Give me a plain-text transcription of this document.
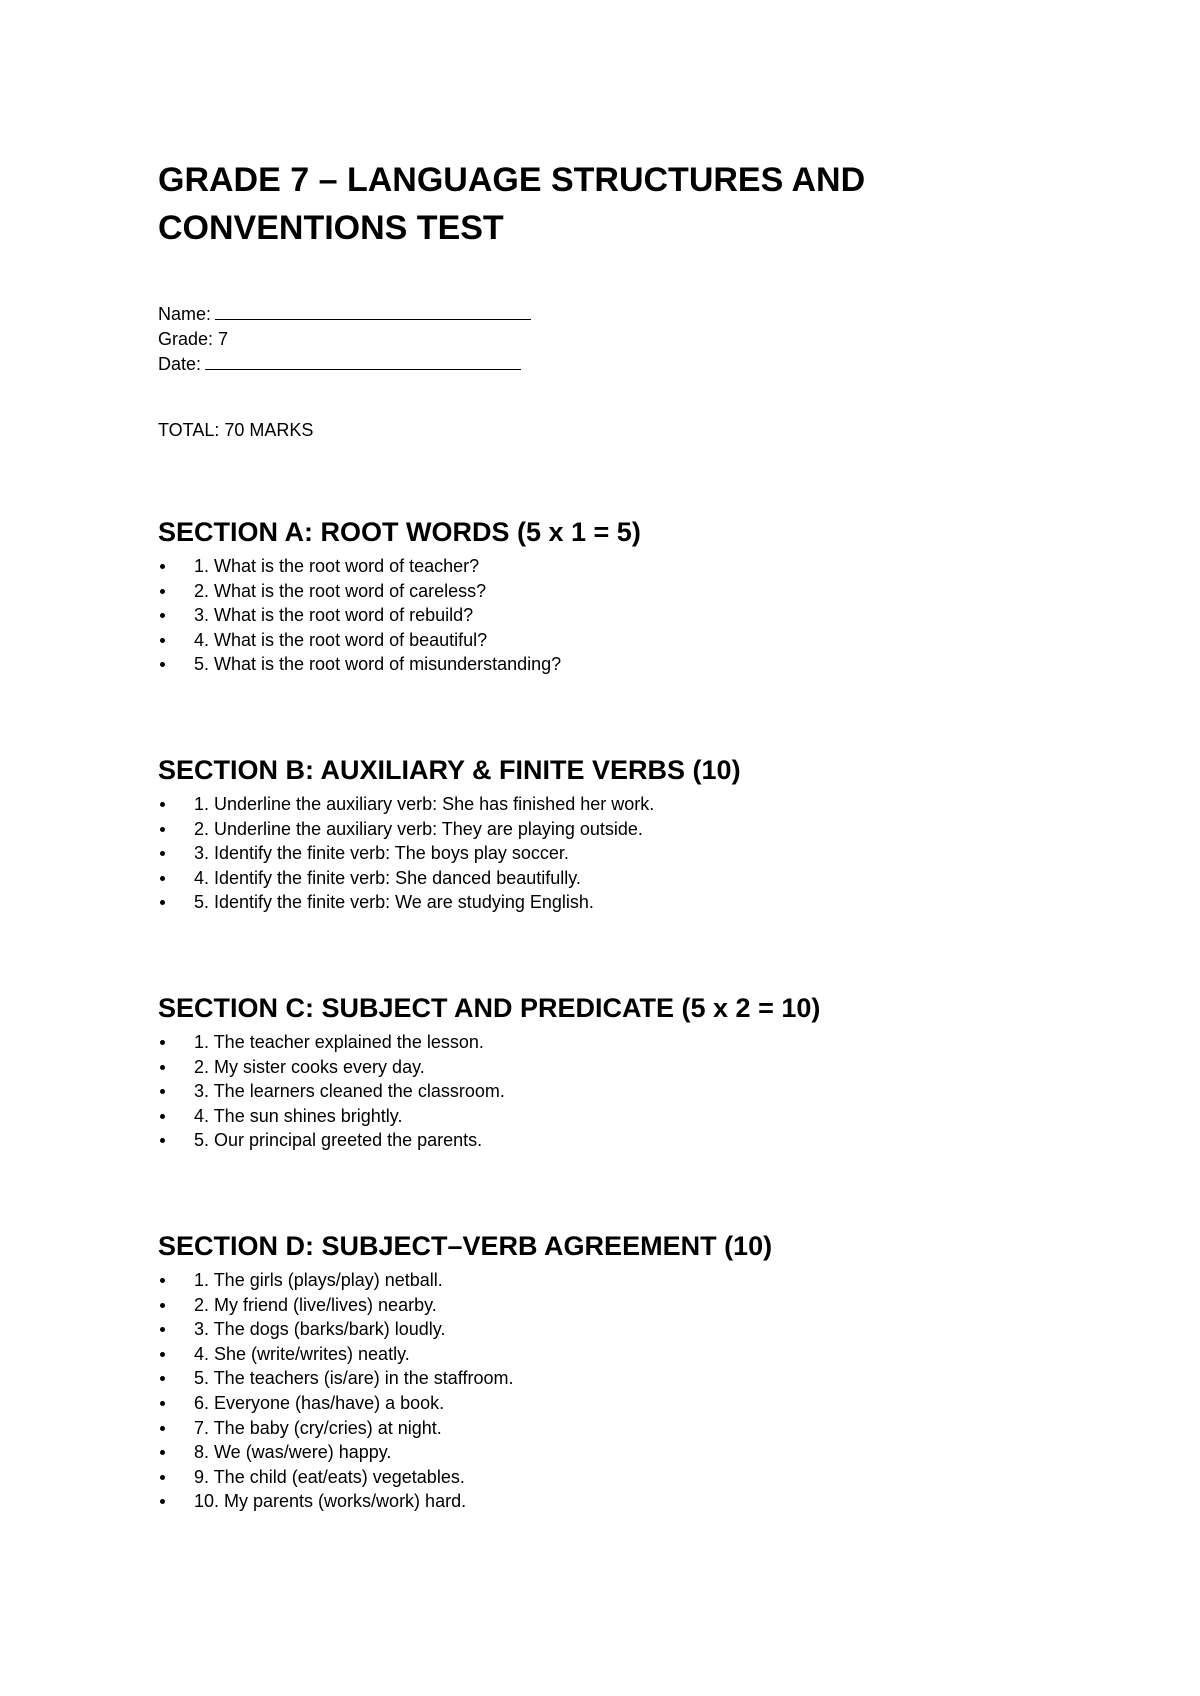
GRADE 7 – LANGUAGE STRUCTURES AND CONVENTIONS TEST
Name:
Grade: 7
Date:
TOTAL: 70 MARKS
SECTION A: ROOT WORDS (5 x 1 = 5)
1. What is the root word of teacher?
2. What is the root word of careless?
3. What is the root word of rebuild?
4. What is the root word of beautiful?
5. What is the root word of misunderstanding?
SECTION B: AUXILIARY & FINITE VERBS (10)
1. Underline the auxiliary verb: She has finished her work.
2. Underline the auxiliary verb: They are playing outside.
3. Identify the finite verb: The boys play soccer.
4. Identify the finite verb: She danced beautifully.
5. Identify the finite verb: We are studying English.
SECTION C: SUBJECT AND PREDICATE (5 x 2 = 10)
1. The teacher explained the lesson.
2. My sister cooks every day.
3. The learners cleaned the classroom.
4. The sun shines brightly.
5. Our principal greeted the parents.
SECTION D: SUBJECT–VERB AGREEMENT (10)
1. The girls (plays/play) netball.
2. My friend (live/lives) nearby.
3. The dogs (barks/bark) loudly.
4. She (write/writes) neatly.
5. The teachers (is/are) in the staffroom.
6. Everyone (has/have) a book.
7. The baby (cry/cries) at night.
8. We (was/were) happy.
9. The child (eat/eats) vegetables.
10. My parents (works/work) hard.
